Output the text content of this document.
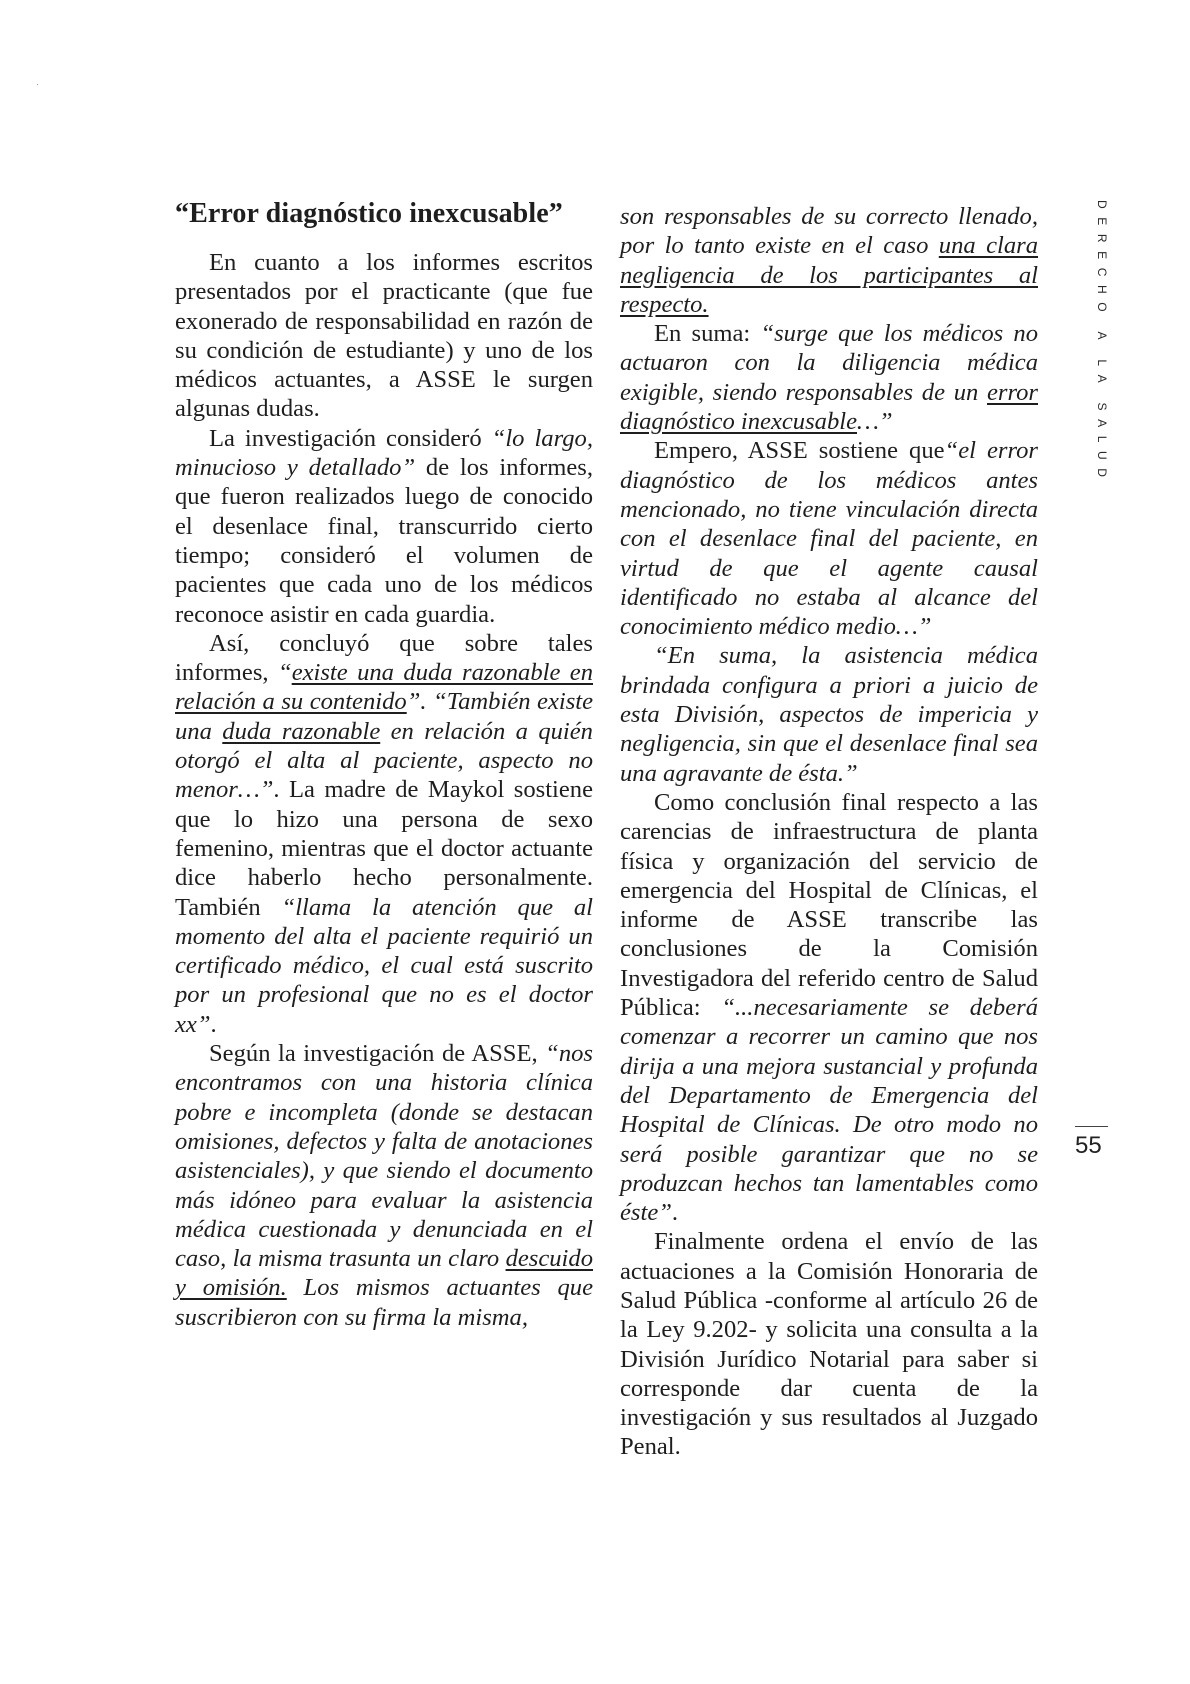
“Error diagnóstico inexcusable”

En cuanto a los informes escritos presentados por el practicante (que fue exonerado de responsabilidad en razón de su condición de estudiante) y uno de los médicos actuantes, a ASSE le surgen algunas dudas.

La investigación consideró “lo largo, minucioso y detallado” de los informes, que fueron realizados luego de conocido el desenlace final, transcurrido cierto tiempo; consideró el volumen de pacientes que cada uno de los médicos reconoce asistir en cada guardia.

Así, concluyó que sobre tales informes, “existe una duda razonable en relación a su contenido”. “También existe una duda razonable en relación a quién otorgó el alta al paciente, aspecto no menor…”. La madre de Maykol sostiene que lo hizo una persona de sexo femenino, mientras que el doctor actuante dice haberlo hecho personalmente. También “llama la atención que al momento del alta el paciente requirió un certificado médico, el cual está suscrito por un profesional que no es el doctor xx”.

Según la investigación de ASSE, “nos encontramos con una historia clínica pobre e incompleta (donde se destacan omisiones, defectos y falta de anotaciones asistenciales), y que siendo el documento más idóneo para evaluar la asistencia médica cuestionada y denunciada en el caso, la misma trasunta un claro descuido y omisión. Los mismos actuantes que suscribieron con su firma la misma,

son responsables de su correcto llenado, por lo tanto existe en el caso una clara negligencia de los participantes al respecto.

En suma: “surge que los médicos no actuaron con la diligencia médica exigible, siendo responsables de un error diagnóstico inexcusable…”

Empero, ASSE sostiene que“el error diagnóstico de los médicos antes mencionado, no tiene vinculación directa con el desenlace final del paciente, en virtud de que el agente causal identificado no estaba al alcance del conocimiento médico medio…”

“En suma, la asistencia médica brindada configura a priori a juicio de esta División, aspectos de impericia y negligencia, sin que el desenlace final sea una agravante de ésta.”

Como conclusión final respecto a las carencias de infraestructura de planta física y organización del servicio de emergencia del Hospital de Clínicas, el informe de ASSE transcribe las conclusiones de la Comisión Investigadora del referido centro de Salud Pública: “...necesariamente se deberá comenzar a recorrer un camino que nos dirija a una mejora sustancial y profunda del Departamento de Emergencia del Hospital de Clínicas. De otro modo no será posible garantizar que no se produzcan hechos tan lamentables como éste”.

Finalmente ordena el envío de las actuaciones a la Comisión Honoraria de Salud Pública -conforme al artículo 26 de la Ley 9.202- y solicita una consulta a la División Jurídico Notarial para saber si corresponde dar cuenta de la investigación y sus resultados al Juzgado Penal.

DERECHO A LA SALUD
55
